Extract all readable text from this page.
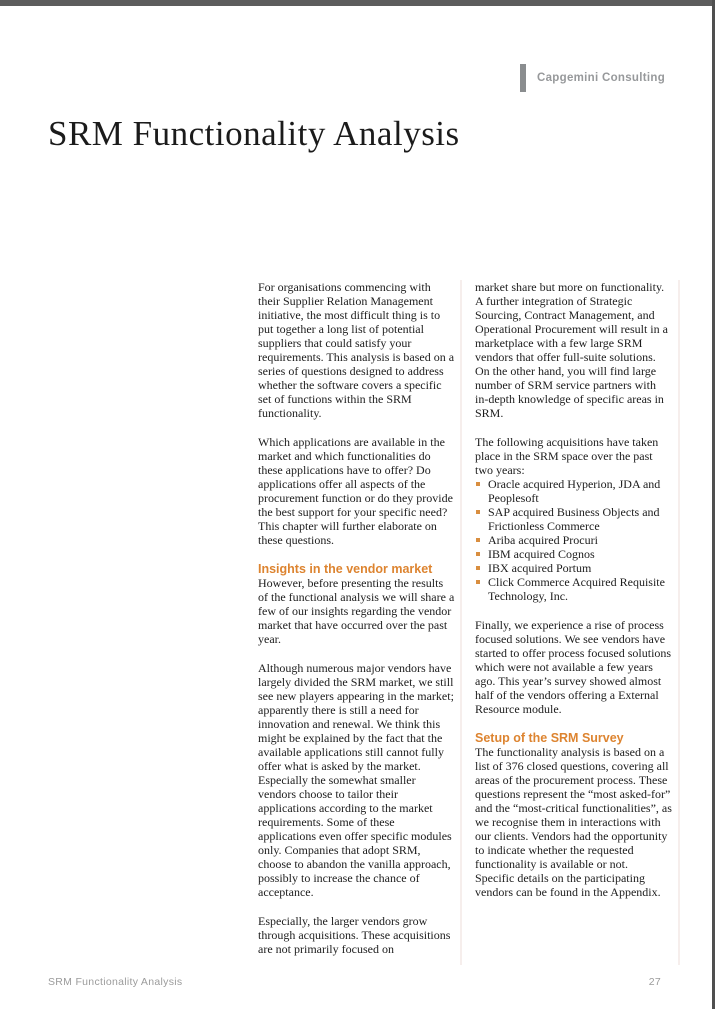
Capgemini Consulting
SRM Functionality Analysis

For organisations commencing with their Supplier Relation Management initiative, the most difficult thing is to put together a long list of potential suppliers that could satisfy your requirements. This analysis is based on a series of questions designed to address whether the software covers a specific set of functions within the SRM functionality.

Which applications are available in the market and which functionalities do these applications have to offer? Do applications offer all aspects of the procurement function or do they provide the best support for your specific need? This chapter will further elaborate on these questions.

Insights in the vendor market

However, before presenting the results of the functional analysis we will share a few of our insights regarding the vendor market that have occurred over the past year.

Although numerous major vendors have largely divided the SRM market, we still see new players appearing in the market; apparently there is still a need for innovation and renewal. We think this might be explained by the fact that the available applications still cannot fully offer what is asked by the market. Especially the somewhat smaller vendors choose to tailor their applications according to the market requirements. Some of these applications even offer specific modules only. Companies that adopt SRM, choose to abandon the vanilla approach, possibly to increase the chance of acceptance.

Especially, the larger vendors grow through acquisitions. These acquisitions are not primarily focused on

market share but more on functionality. A further integration of Strategic Sourcing, Contract Management, and Operational Procurement will result in a marketplace with a few large SRM vendors that offer full-suite solutions. On the other hand, you will find large number of SRM service partners with in-depth knowledge of specific areas in SRM.

The following acquisitions have taken place in the SRM space over the past two years:

Oracle acquired Hyperion, JDA and Peoplesoft
SAP acquired Business Objects and Frictionless Commerce
Ariba acquired Procuri
IBM acquired Cognos
IBX acquired Portum
Click Commerce Acquired Requisite Technology, Inc.

Finally, we experience a rise of process focused solutions. We see vendors have started to offer process focused solutions which were not available a few years ago. This year’s survey showed almost half of the vendors offering a External Resource module.

Setup of the SRM Survey

The functionality analysis is based on a list of 376 closed questions, covering all areas of the procurement process. These questions represent the “most asked-for” and the “most-critical functionalities”, as we recognise them in interactions with our clients. Vendors had the opportunity to indicate whether the requested functionality is available or not.

Specific details on the participating vendors can be found in the Appendix.

SRM Functionality Analysis	27
